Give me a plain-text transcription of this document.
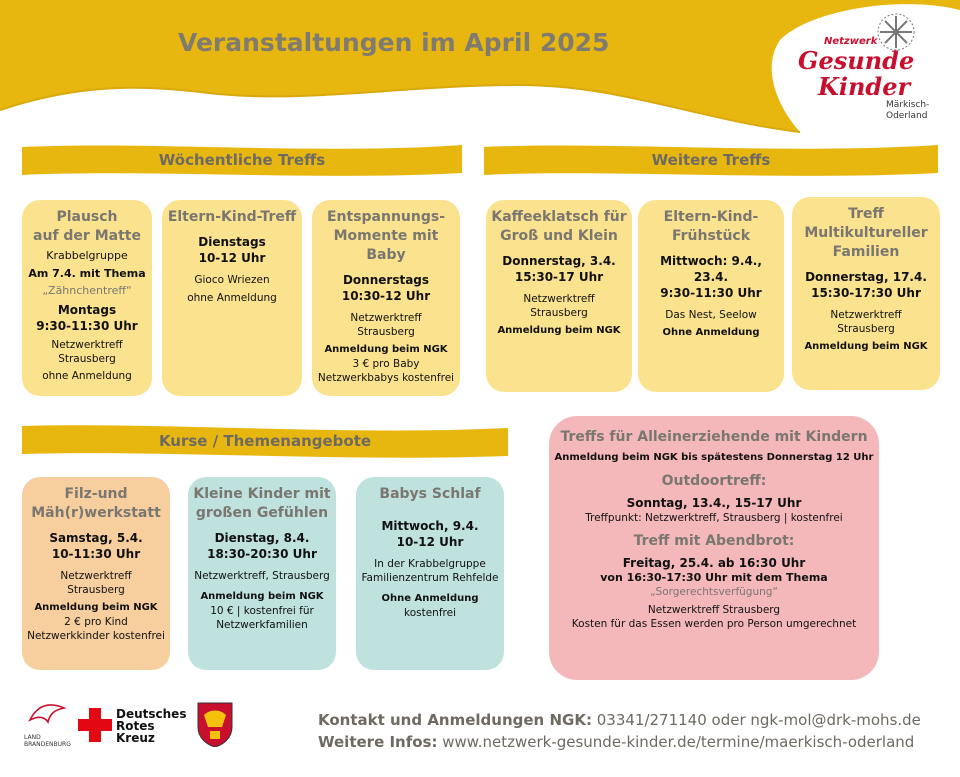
Veranstaltungen im April 2025	Netzwerk
Gesunde
Kinder
Märkisch-
Oderland
Wöchentliche Treffs	Weitere Treffs
Kurse / Themenangebote
Plausch
auf der Matte
Krabbelgruppe
Am 7.4. mit Thema
„Zähnchentreff“
Montags
9:30-11:30 Uhr
Netzwerktreff
Strausberg
ohne Anmeldung
Eltern-Kind-Treff
Dienstags
10-12 Uhr
Gioco Wriezen
ohne Anmeldung
Entspannungs-
Momente mit Baby
Donnerstags
10:30-12 Uhr
Netzwerktreff
Strausberg
Anmeldung beim NGK
3 € pro Baby
Netzwerkbabys kostenfrei
Kaffeeklatsch für
Groß und Klein
Donnerstag, 3.4.
15:30-17 Uhr
Netzwerktreff
Strausberg
Anmeldung beim NGK
Eltern-Kind-
Frühstück
Mittwoch: 9.4., 23.4.
9:30-11:30 Uhr
Das Nest, Seelow
Ohne Anmeldung
Treff
Multikultureller
Familien
Donnerstag, 17.4.
15:30-17:30 Uhr
Netzwerktreff
Strausberg
Anmeldung beim NGK
Filz-und
Mäh(r)werkstatt
Samstag, 5.4.
10-11:30 Uhr
Netzwerktreff
Strausberg
Anmeldung beim NGK
2 € pro Kind
Netzwerkkinder kostenfrei
Kleine Kinder mit
großen Gefühlen
Dienstag, 8.4.
18:30-20:30 Uhr
Netzwerktreff, Strausberg
Anmeldung beim NGK
10 € | kostenfrei für
Netzwerkfamilien
Babys Schlaf
Mittwoch, 9.4.
10-12 Uhr
In der Krabbelgruppe
Familienzentrum Rehfelde
Ohne Anmeldung
kostenfrei
Treffs für Alleinerziehende mit Kindern
Anmeldung beim NGK bis spätestens Donnerstag 12 Uhr
Outdoortreff:
Sonntag, 13.4., 15-17 Uhr
Treffpunkt: Netzwerktreff, Strausberg | kostenfrei
Treff mit Abendbrot:
Freitag, 25.4. ab 16:30 Uhr
von 16:30-17:30 Uhr mit dem Thema
„Sorgerechtsverfügung“
Netzwerktreff Strausberg
Kosten für das Essen werden pro Person umgerechnet
LAND
BRANDENBURG
Deutsches
Rotes
Kreuz
Kontakt und Anmeldungen NGK: 03341/271140 oder ngk-mol@drk-mohs.de
Weitere Infos: www.netzwerk-gesunde-kinder.de/termine/maerkisch-oderland
